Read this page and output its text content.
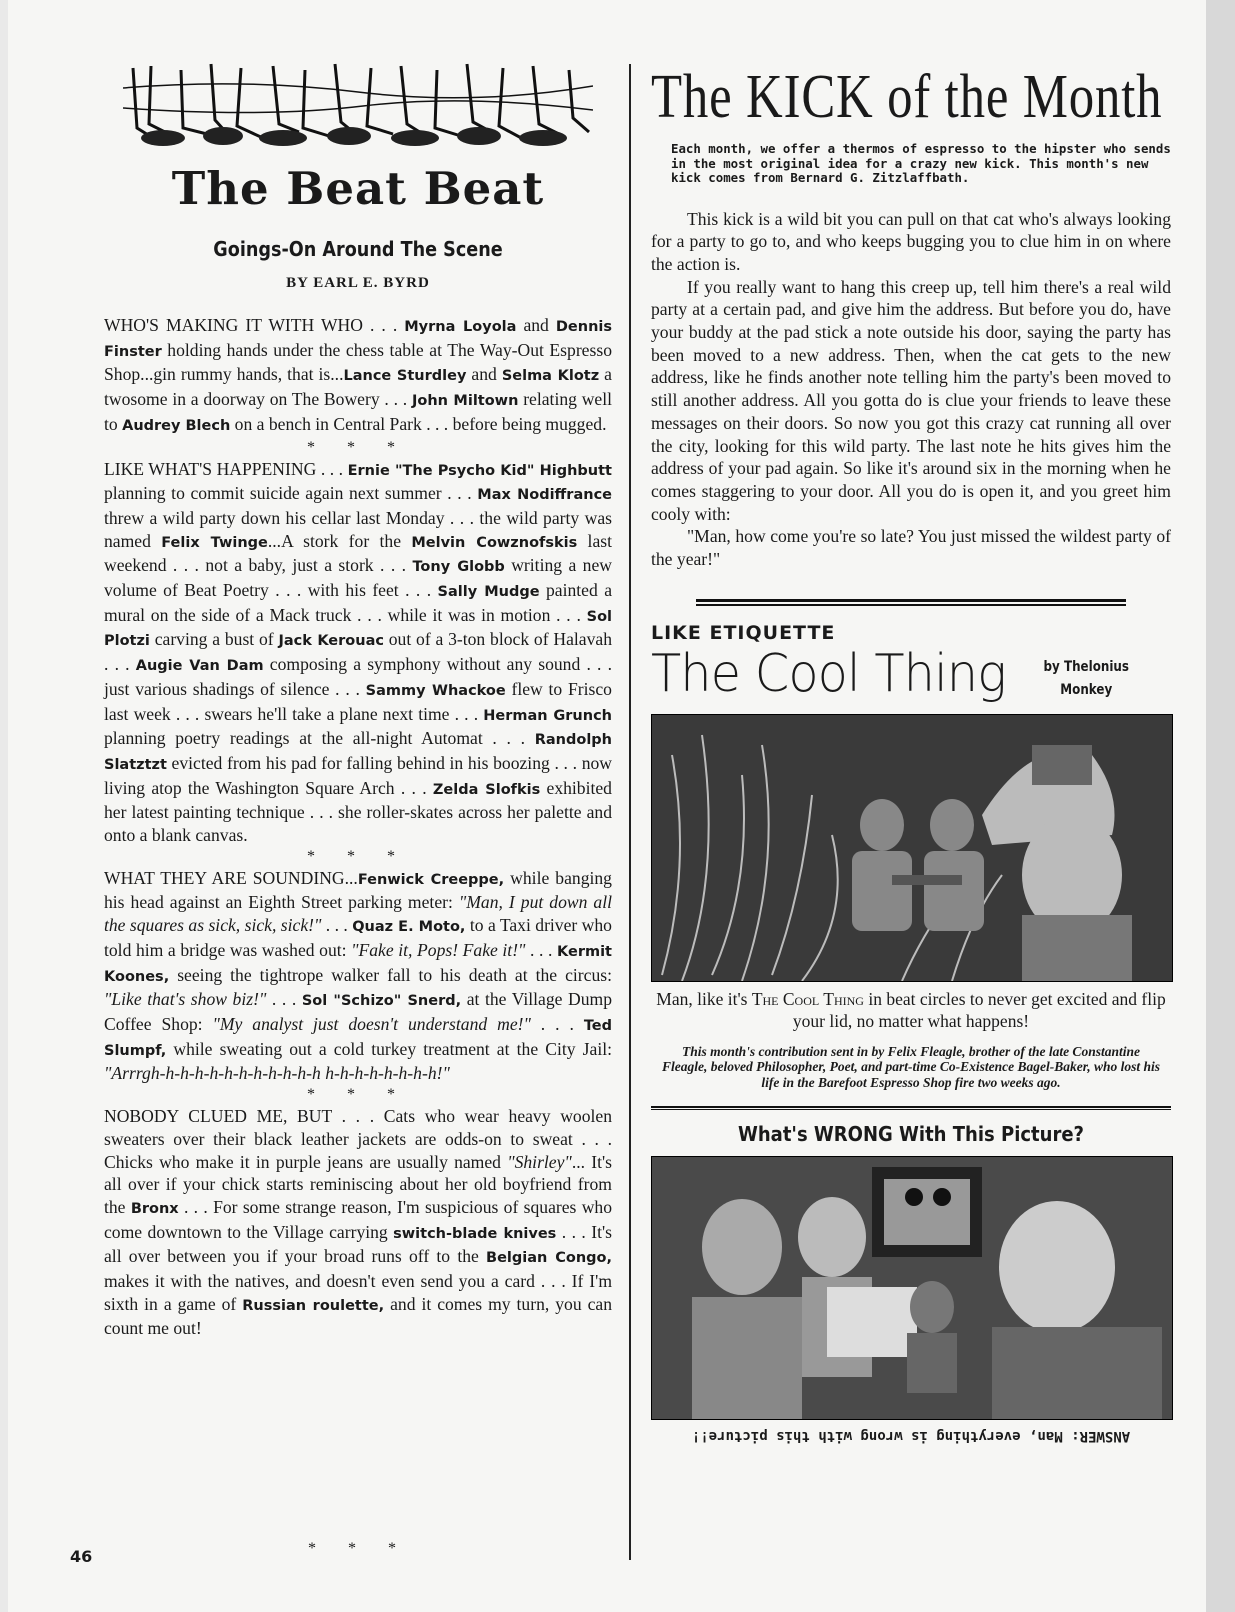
The Beat Beat
Goings-On Around The Scene
BY EARL E. BYRD

WHO'S MAKING IT WITH WHO . . . Myrna Loyola and Dennis Finster holding hands under the chess table at The Way-Out Espresso Shop...gin rummy hands, that is...Lance Sturdley and Selma Klotz a twosome in a doorway on The Bowery . . . John Miltown relating well to Audrey Blech on a bench in Central Park . . . before being mugged.

* * *

LIKE WHAT'S HAPPENING . . . Ernie "The Psycho Kid" Highbutt planning to commit suicide again next summer . . . Max Nodiffrance threw a wild party down his cellar last Monday . . . the wild party was named Felix Twinge...A stork for the Melvin Cowznofskis last weekend . . . not a baby, just a stork . . . Tony Globb writing a new volume of Beat Poetry . . . with his feet . . . Sally Mudge painted a mural on the side of a Mack truck . . . while it was in motion . . . Sol Plotzi carving a bust of Jack Kerouac out of a 3-ton block of Halavah . . . Augie Van Dam composing a symphony without any sound . . . just various shadings of silence . . . Sammy Whackoe flew to Frisco last week . . . swears he'll take a plane next time . . . Herman Grunch planning poetry readings at the all-night Automat . . . Randolph Slatztzt evicted from his pad for falling behind in his boozing . . . now living atop the Washington Square Arch . . . Zelda Slofkis exhibited her latest painting technique . . . she roller-skates across her palette and onto a blank canvas.

* * *

WHAT THEY ARE SOUNDING...Fenwick Creeppe, while banging his head against an Eighth Street parking meter: "Man, I put down all the squares as sick, sick, sick!" . . . Quaz E. Moto, to a Taxi driver who told him a bridge was washed out: "Fake it, Pops! Fake it!" . . . Kermit Koones, seeing the tightrope walker fall to his death at the circus: "Like that's show biz!" . . . Sol "Schizo" Snerd, at the Village Dump Coffee Shop: "My analyst just doesn't understand me!" . . . Ted Slumpf, while sweating out a cold turkey treatment at the City Jail: "Arrrgh-h-h-h-h-h-h-h-h-h-h-h h-h-h-h-h-h-h-h!"

* * *

NOBODY CLUED ME, BUT . . . Cats who wear heavy woolen sweaters over their black leather jackets are odds-on to sweat . . . Chicks who make it in purple jeans are usually named "Shirley"... It's all over if your chick starts reminiscing about her old boyfriend from the Bronx . . . For some strange reason, I'm suspicious of squares who come downtown to the Village carrying switch-blade knives . . . It's all over between you if your broad runs off to the Belgian Congo, makes it with the natives, and doesn't even send you a card . . . If I'm sixth in a game of Russian roulette, and it comes my turn, you can count me out!

The KICK of the Month
Each month, we offer a thermos of espresso to the hipster who sends in the most original idea for a crazy new kick. This month's new kick comes from Bernard G. Zitzlaffbath.

This kick is a wild bit you can pull on that cat who's always looking for a party to go to, and who keeps bugging you to clue him in on where the action is.

If you really want to hang this creep up, tell him there's a real wild party at a certain pad, and give him the address. But before you do, have your buddy at the pad stick a note outside his door, saying the party has been moved to a new address. Then, when the cat gets to the new address, like he finds another note telling him the party's been moved to still another address. All you gotta do is clue your friends to leave these messages on their doors. So now you got this crazy cat running all over the city, looking for this wild party. The last note he hits gives him the address of your pad again. So like it's around six in the morning when he comes staggering to your door. All you do is open it, and you greet him cooly with:

"Man, how come you're so late? You just missed the wildest party of the year!"

LIKE ETIQUETTE
The Cool Thing	by Thelonius
Monkey
Man, like it's The Cool Thing in beat circles to never get excited and flip your lid, no matter what happens!
This month's contribution sent in by Felix Fleagle, brother of the late Constantine Fleagle, beloved Philosopher, Poet, and part-time Co-Existence Bagel-Baker, who lost his life in the Barefoot Espresso Shop fire two weeks ago.
What's WRONG With This Picture?
ANSWER: Man, everything is wrong with this picture!!
46	* * *
